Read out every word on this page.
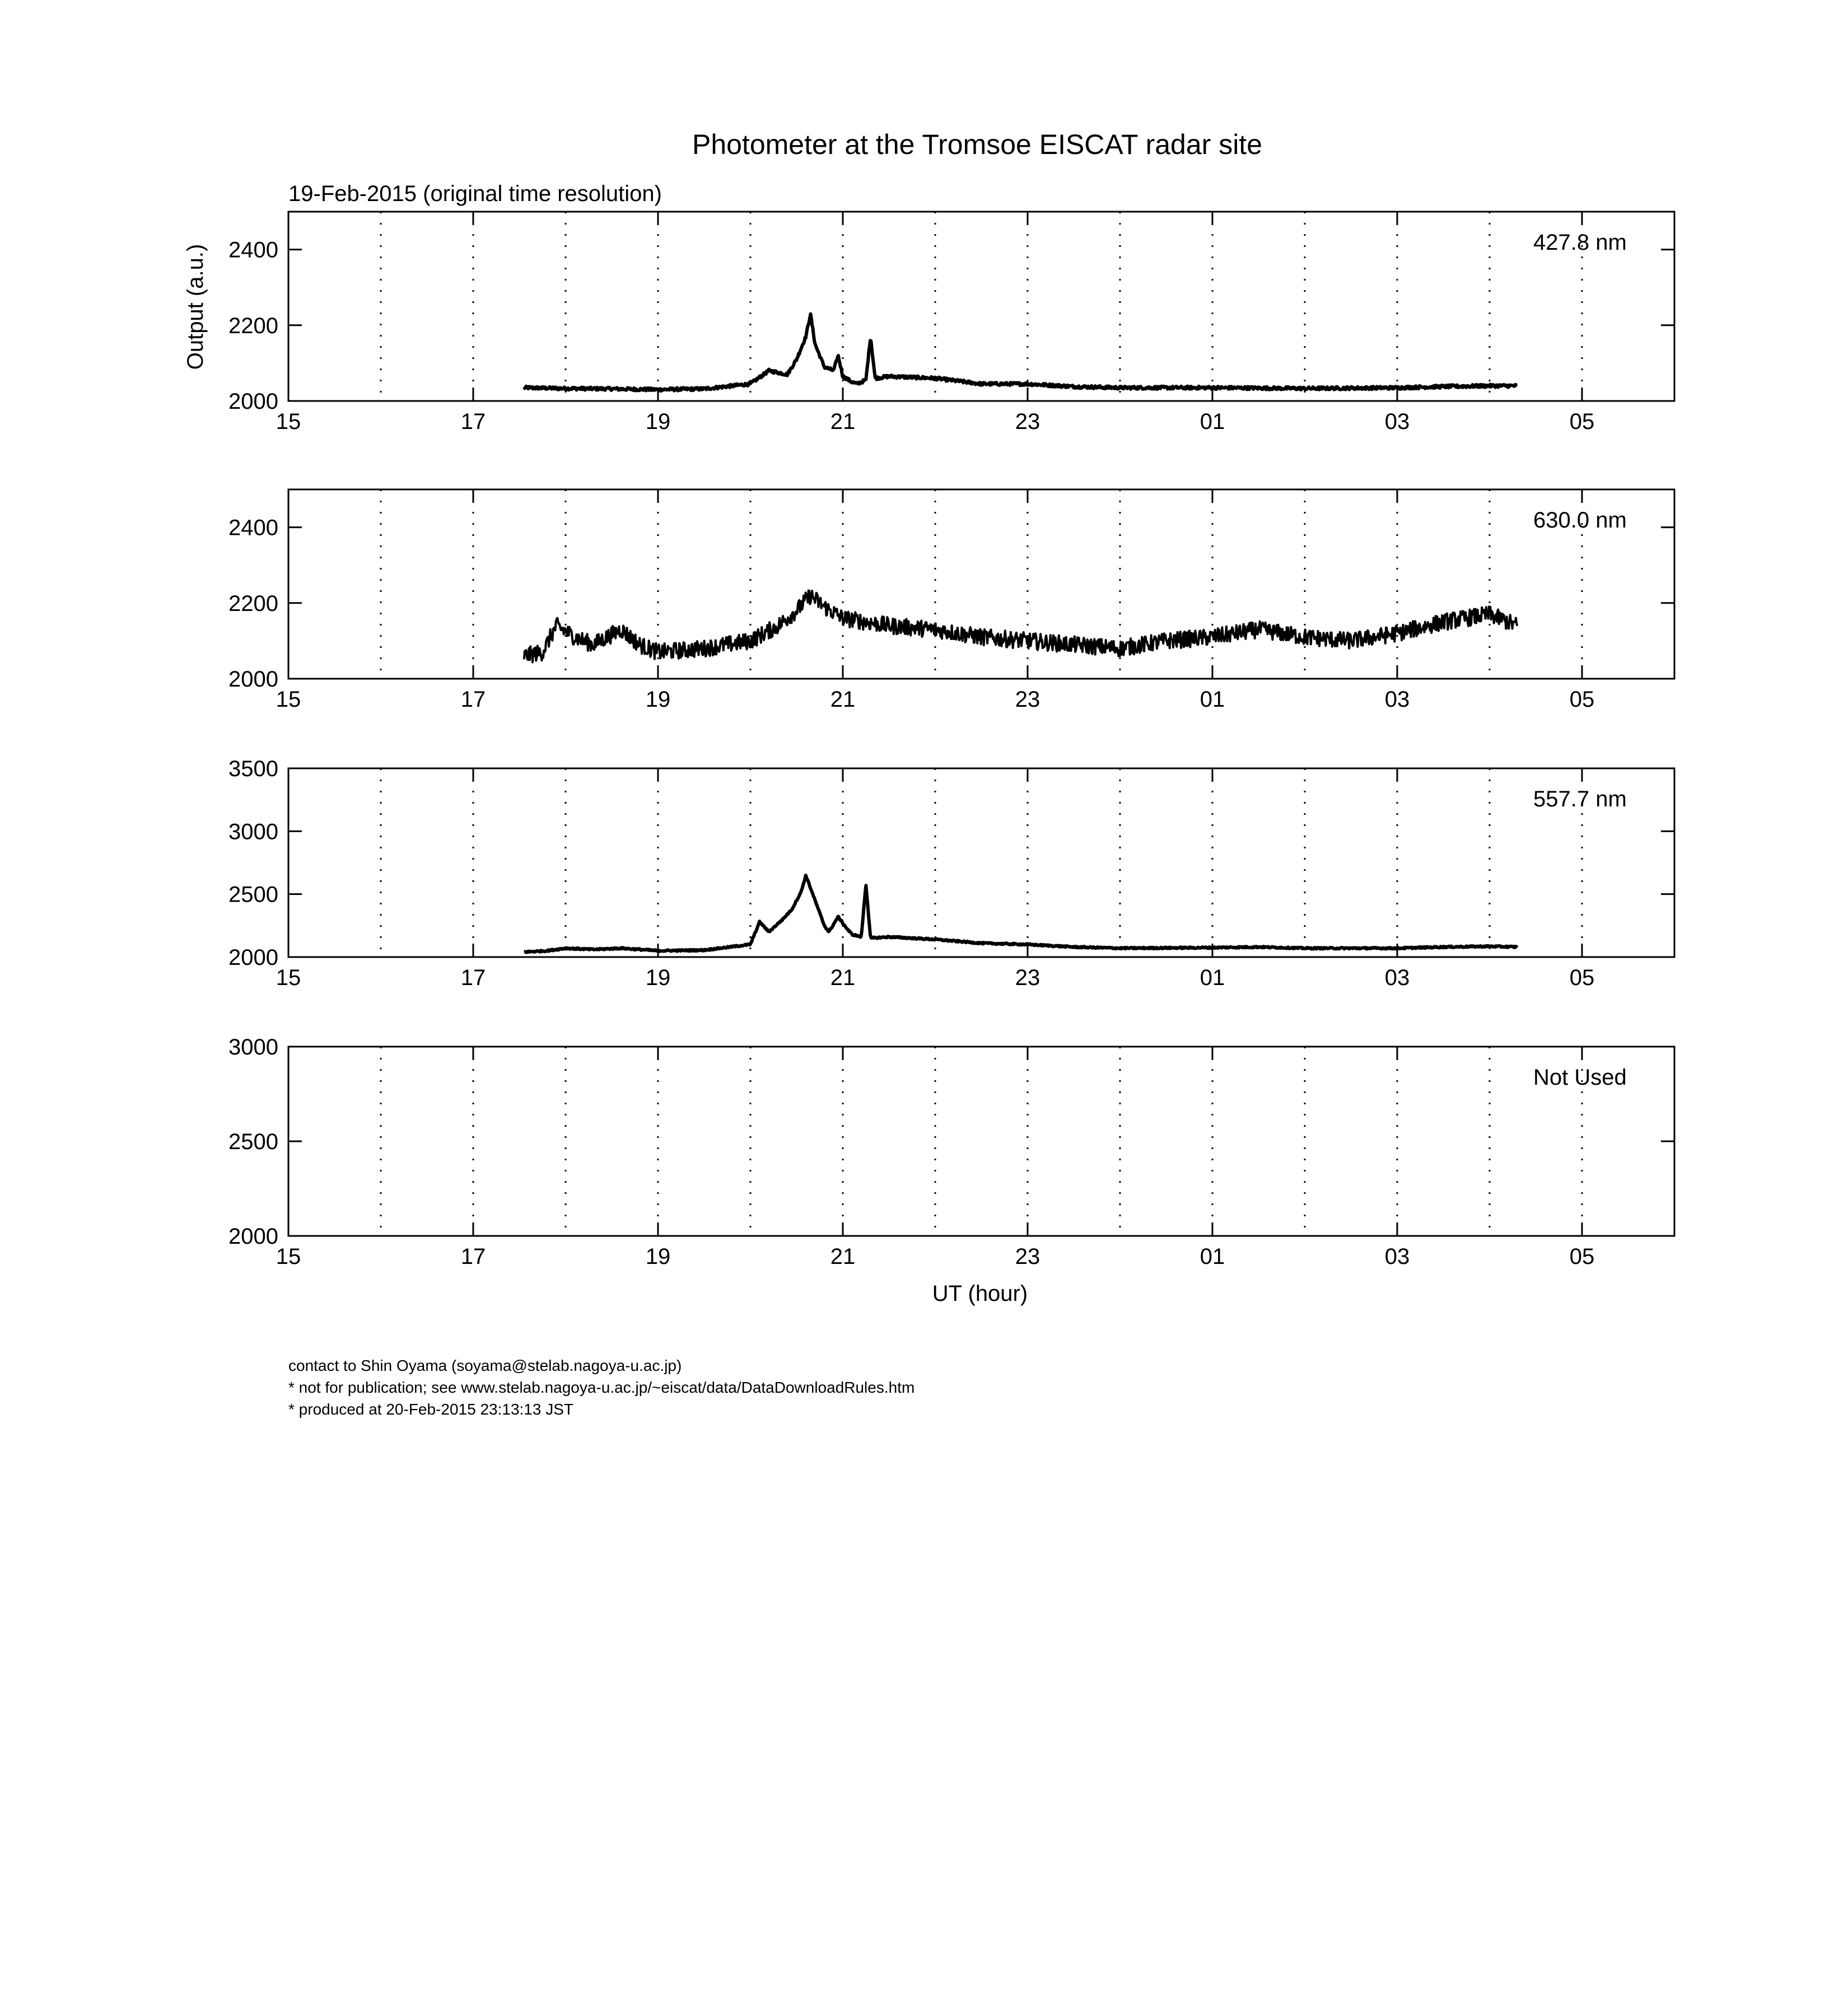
Photometer at the Tromsoe EISCAT radar site
19-Feb-2015 (original time resolution)
Output (a.u.)
UT (hour)
2000
2200
2400
15	17	19	21	23	01	03	05
427.8 nm
2000
2200
2400
15	17	19	21	23	01	03	05
630.0 nm
2000
2500
3000
3500
15	17	19	21	23	01	03	05
557.7 nm
2000
2500
3000
15	17	19	21	23	01	03	05
Not Used
contact to Shin Oyama (soyama@stelab.nagoya-u.ac.jp)
* not for publication; see www.stelab.nagoya-u.ac.jp/~eiscat/data/DataDownloadRules.htm
* produced at 20-Feb-2015 23:13:13 JST
